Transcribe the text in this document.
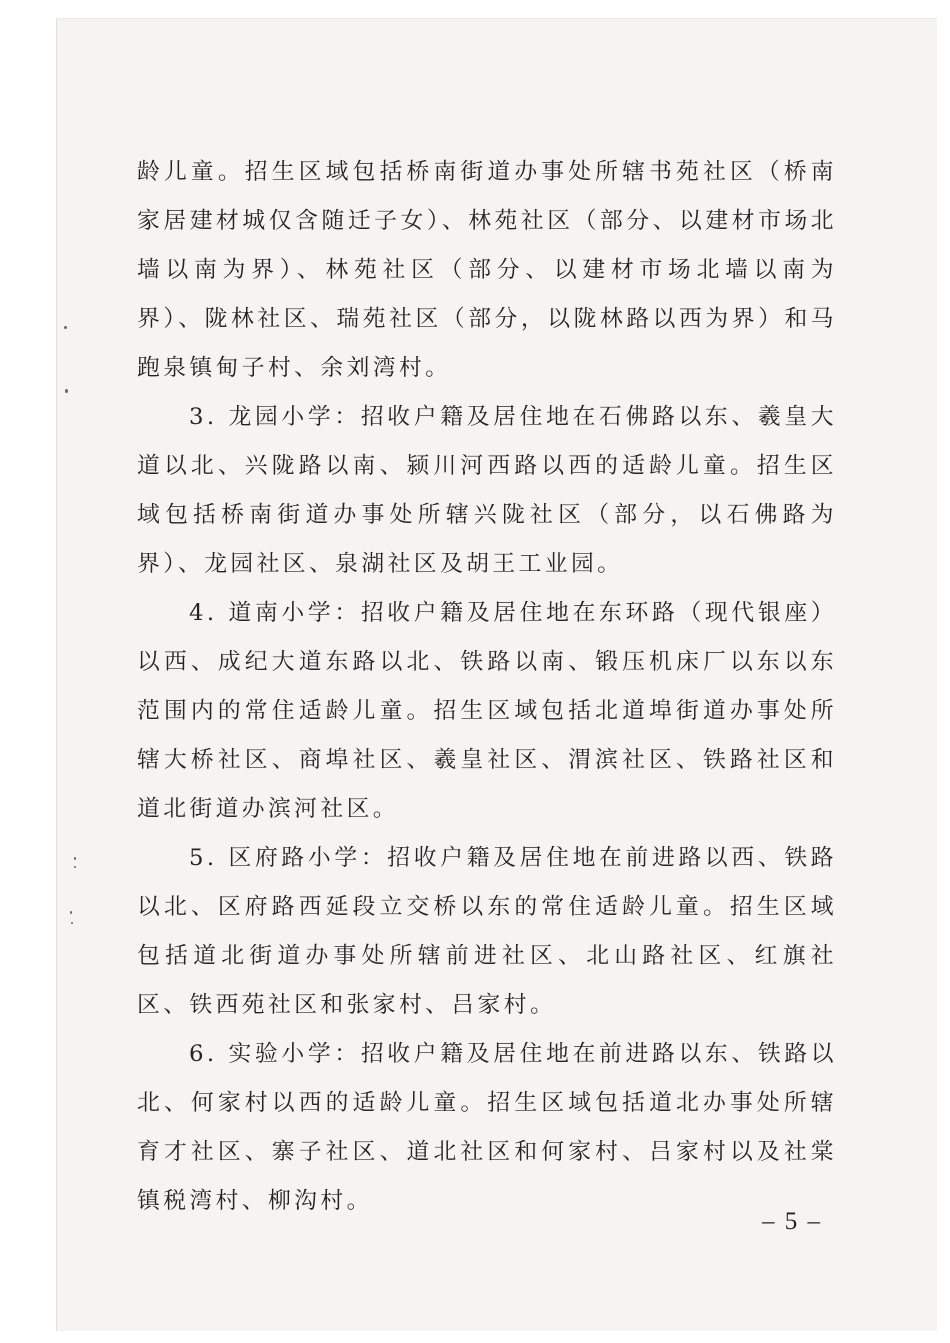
龄儿童。招生区域包括桥南街道办事处所辖书苑社区（桥南家居建材城仅含随迁子女）、林苑社区（部分、以建材市场北墙以南为界）、林苑社区（部分、以建材市场北墙以南为界）、陇林社区、瑞苑社区（部分，以陇林路以西为界）和马跑泉镇甸子村、余刘湾村。

3. 龙园小学：招收户籍及居住地在石佛路以东、羲皇大道以北、兴陇路以南、颍川河西路以西的适龄儿童。招生区域包括桥南街道办事处所辖兴陇社区（部分，以石佛路为界）、龙园社区、泉湖社区及胡王工业园。

4. 道南小学：招收户籍及居住地在东环路（现代银座）以西、成纪大道东路以北、铁路以南、锻压机床厂以东以东范围内的常住适龄儿童。招生区域包括北道埠街道办事处所辖大桥社区、商埠社区、羲皇社区、渭滨社区、铁路社区和道北街道办滨河社区。

5. 区府路小学：招收户籍及居住地在前进路以西、铁路以北、区府路西延段立交桥以东的常住适龄儿童。招生区域包括道北街道办事处所辖前进社区、北山路社区、红旗社区、铁西苑社区和张家村、吕家村。

6. 实验小学：招收户籍及居住地在前进路以东、铁路以北、何家村以西的适龄儿童。招生区域包括道北办事处所辖育才社区、寨子社区、道北社区和何家村、吕家村以及社棠镇税湾村、柳沟村。

– 5 –
